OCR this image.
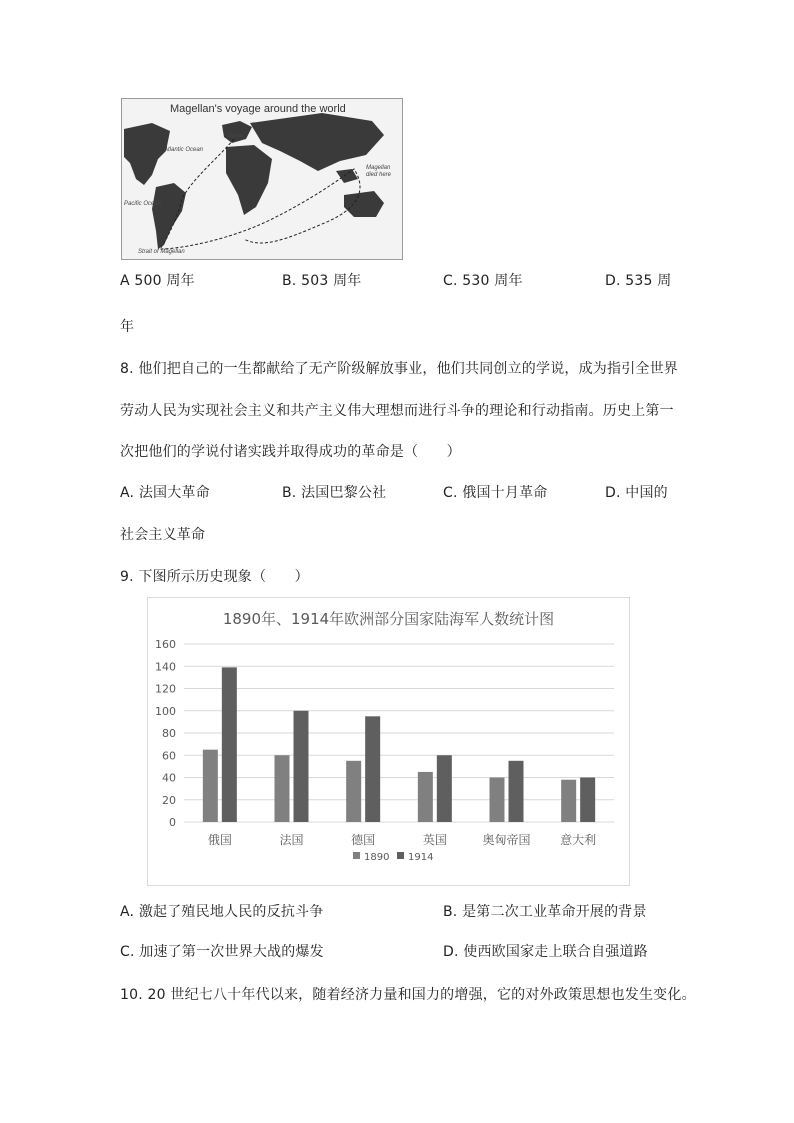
Magellan's voyage around the world
Spain
Atlantic Ocean
Pacific Ocean
Magellan
died here
Strait of Magellan
A 500 周年	B. 503 周年	C. 530 周年	D. 535 周
年
8. 他们把自己的一生都献给了无产阶级解放事业，他们共同创立的学说，成为指引全世界
劳动人民为实现社会主义和共产主义伟大理想而进行斗争的理论和行动指南。历史上第一
次把他们的学说付诸实践并取得成功的革命是（　　）
A. 法国大革命	B. 法国巴黎公社	C. 俄国十月革命	D. 中国的
社会主义革命
9. 下图所示历史现象（　　）
1890年、1914年欧洲部分国家陆海军人数统计图
0
20
40
60
80
100
120
140
160
俄国	法国	德国	英国	奥匈帝国 意大利
1890 1914
A. 激起了殖民地人民的反抗斗争	B. 是第二次工业革命开展的背景
C. 加速了第一次世界大战的爆发	D. 使西欧国家走上联合自强道路
10. 20 世纪七八十年代以来，随着经济力量和国力的增强，它的对外政策思想也发生变化。
